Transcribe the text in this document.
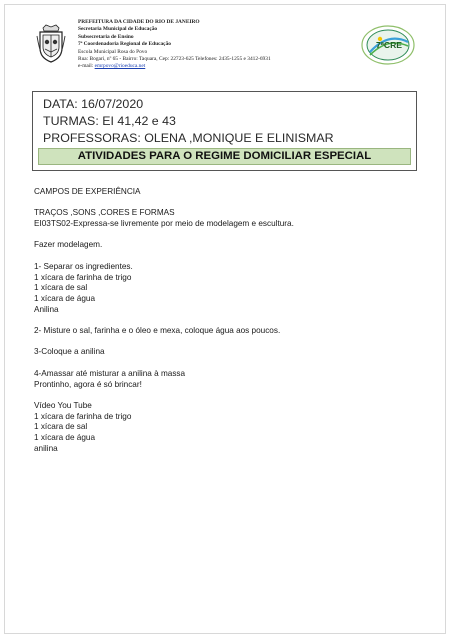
PREFEITURA DA CIDADE DO RIO DE JANEIRO
Secretaria Municipal de Educação
Subsecretaria de Ensino
7ª Coordenadoria Regional de Educação
Escola Municipal Rosa do Povo
Rua: Bogari, nº 65 - Bairro: Taquara, Cep: 22723-625 Telefones: 2435-1255 e 3412-6931
e-mail: emrpovo@rioeduca.net
7ªCRE
DATA: 16/07/2020
TURMAS: EI 41,42 e 43
PROFESSORAS: OLENA ,MONIQUE E ELINISMAR
ATIVIDADES PARA O REGIME DOMICILIAR ESPECIAL

CAMPOS DE EXPERIÊNCIA

TRAÇOS ,SONS ,CORES E FORMAS

EI03TS02-Expressa-se livremente por meio de modelagem e escultura.

Fazer modelagem.

1- Separar os ingredientes.

1 xícara de farinha de trigo

1 xícara de sal

1 xícara de água

Anilina

2- Misture o sal, farinha e o óleo e mexa, coloque água aos poucos.

3-Coloque a anilina

4-Amassar até misturar a anilina à massa

Prontinho, agora é só brincar!

Vídeo You Tube

1 xícara de farinha de trigo

1 xícara de sal

1 xícara de água

anilina
